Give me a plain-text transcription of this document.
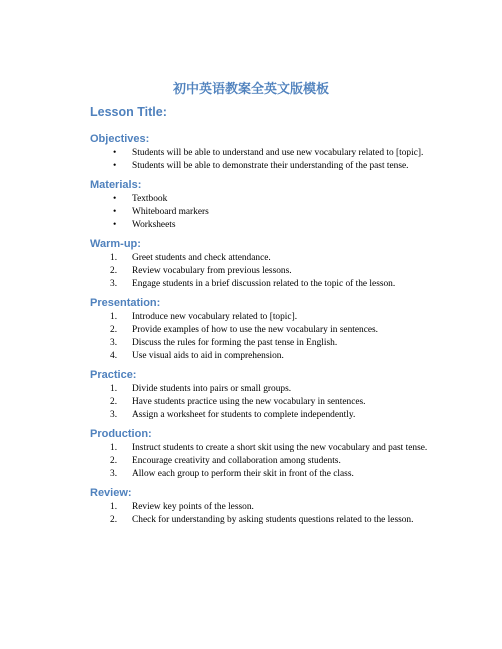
初中英语教案全英文版模板
Lesson Title:
Objectives:
•	Students will be able to understand and use new vocabulary related to [topic].
•	Students will be able to demonstrate their understanding of the past tense.
Materials:
•	Textbook
•	Whiteboard markers
•	Worksheets
Warm-up:
1.	Greet students and check attendance.
2.	Review vocabulary from previous lessons.
3.	Engage students in a brief discussion related to the topic of the lesson.
Presentation:
1.	Introduce new vocabulary related to [topic].
2.	Provide examples of how to use the new vocabulary in sentences.
3.	Discuss the rules for forming the past tense in English.
4.	Use visual aids to aid in comprehension.
Practice:
1.	Divide students into pairs or small groups.
2.	Have students practice using the new vocabulary in sentences.
3.	Assign a worksheet for students to complete independently.
Production:
1.	Instruct students to create a short skit using the new vocabulary and past tense.
2.	Encourage creativity and collaboration among students.
3.	Allow each group to perform their skit in front of the class.
Review:
1.	Review key points of the lesson.
2.	Check for understanding by asking students questions related to the lesson.
